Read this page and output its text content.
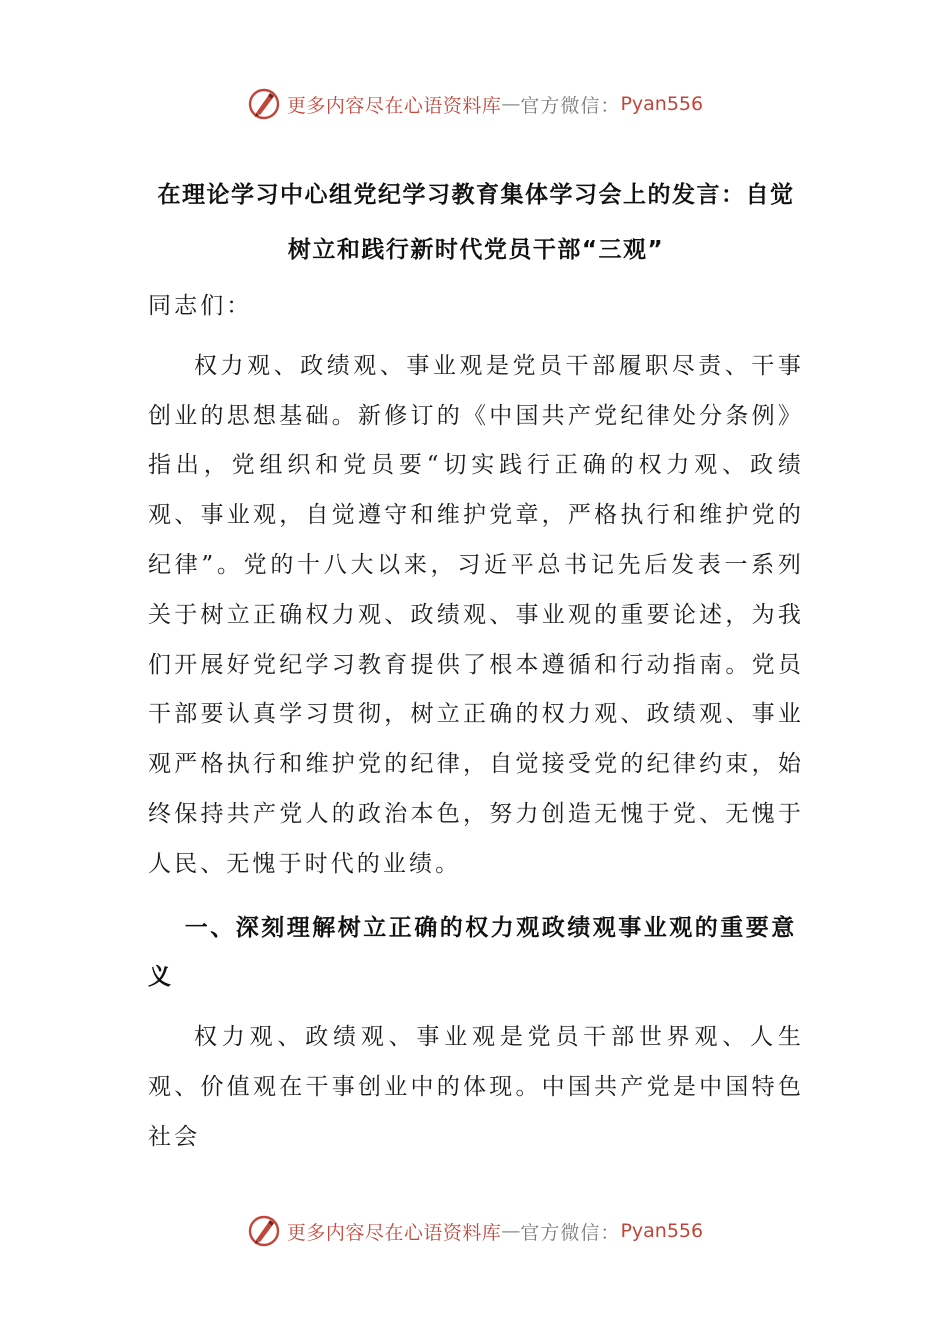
更多内容尽在心语资料库 — 官方微信： Pyan556
在理论学习中心组党纪学习教育集体学习会上的发言：自觉树立和践行新时代党员干部“三观”

同志们：

权力观、政绩观、事业观是党员干部履职尽责、干事创业的思想基础。新修订的《中国共产党纪律处分条例》指出，党组织和党员要“切实践行正确的权力观、政绩观、事业观，自觉遵守和维护党章，严格执行和维护党的纪律”。党的十八大以来，习近平总书记先后发表一系列关于树立正确权力观、政绩观、事业观的重要论述，为我们开展好党纪学习教育提供了根本遵循和行动指南。党员干部要认真学习贯彻，树立正确的权力观、政绩观、事业观严格执行和维护党的纪律，自觉接受党的纪律约束，始终保持共产党人的政治本色，努力创造无愧于党、无愧于人民、无愧于时代的业绩。

一、深刻理解树立正确的权力观政绩观事业观的重要意义

权力观、政绩观、事业观是党员干部世界观、人生观、价值观在干事创业中的体现。中国共产党是中国特色社会

更多内容尽在心语资料库 — 官方微信： Pyan556
